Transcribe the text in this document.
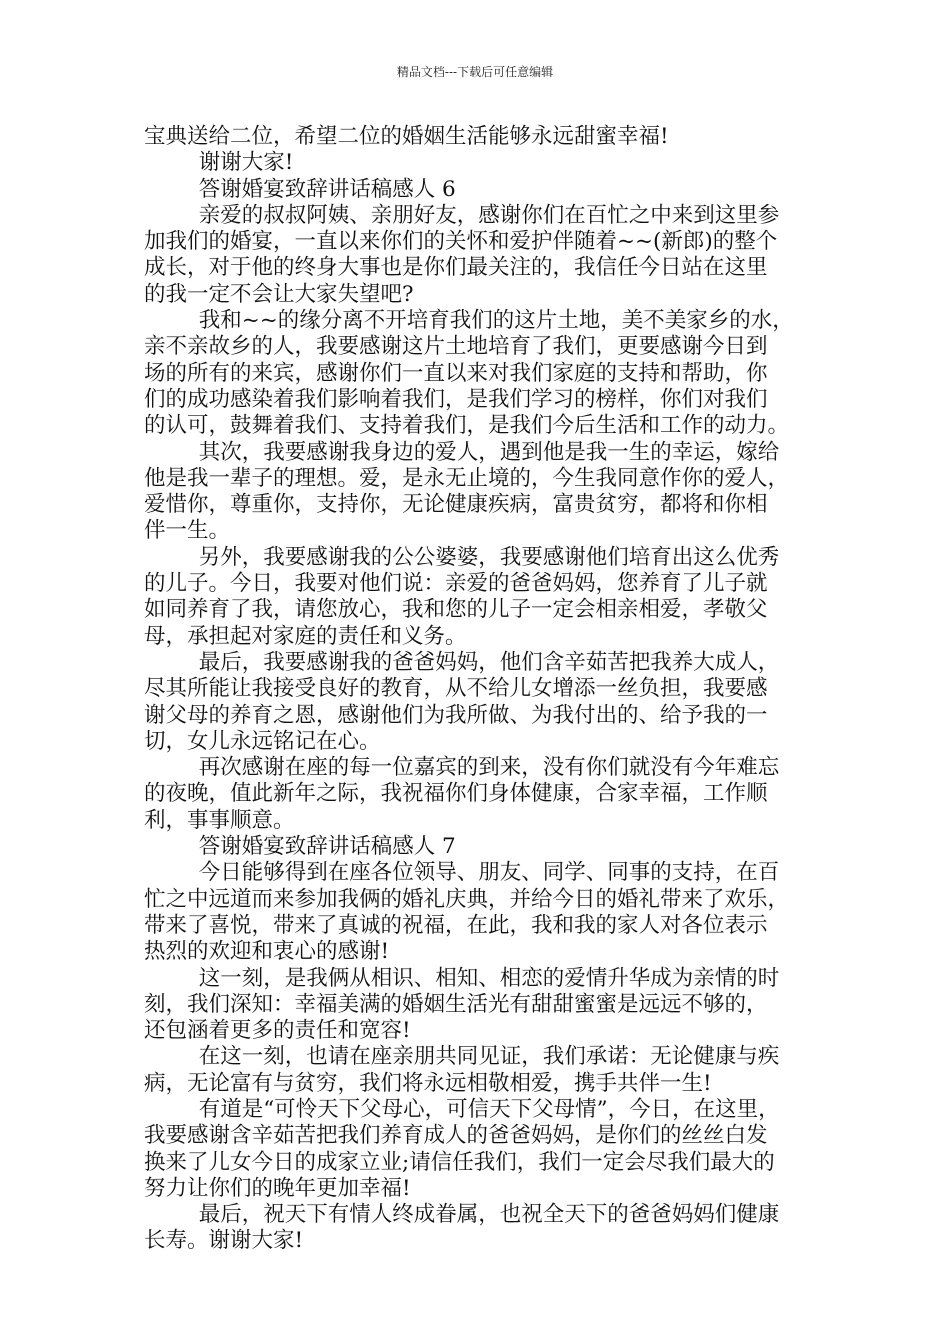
精品文档---下载后可任意编辑
宝典送给二位，希望二位的婚姻生活能够永远甜蜜幸福!
谢谢大家!
答谢婚宴致辞讲话稿感人 6
亲爱的叔叔阿姨、亲朋好友，感谢你们在百忙之中来到这里参
加我们的婚宴，一直以来你们的关怀和爱护伴随着~~(新郎)的整个
成长，对于他的终身大事也是你们最关注的，我信任今日站在这里
的我一定不会让大家失望吧?
我和~~的缘分离不开培育我们的这片土地，美不美家乡的水，
亲不亲故乡的人，我要感谢这片土地培育了我们，更要感谢今日到
场的所有的来宾，感谢你们一直以来对我们家庭的支持和帮助，你
们的成功感染着我们影响着我们，是我们学习的榜样，你们对我们
的认可，鼓舞着我们、支持着我们，是我们今后生活和工作的动力。
其次，我要感谢我身边的爱人，遇到他是我一生的幸运，嫁给
他是我一辈子的理想。爱，是永无止境的，今生我同意作你的爱人，
爱惜你，尊重你，支持你，无论健康疾病，富贵贫穷，都将和你相
伴一生。
另外，我要感谢我的公公婆婆，我要感谢他们培育出这么优秀
的儿子。今日，我要对他们说：亲爱的爸爸妈妈，您养育了儿子就
如同养育了我，请您放心，我和您的儿子一定会相亲相爱，孝敬父
母，承担起对家庭的责任和义务。
最后，我要感谢我的爸爸妈妈，他们含辛茹苦把我养大成人，
尽其所能让我接受良好的教育，从不给儿女增添一丝负担，我要感
谢父母的养育之恩，感谢他们为我所做、为我付出的、给予我的一
切，女儿永远铭记在心。
再次感谢在座的每一位嘉宾的到来，没有你们就没有今年难忘
的夜晚，值此新年之际，我祝福你们身体健康，合家幸福，工作顺
利，事事顺意。
答谢婚宴致辞讲话稿感人 7
今日能够得到在座各位领导、朋友、同学、同事的支持，在百
忙之中远道而来参加我俩的婚礼庆典，并给今日的婚礼带来了欢乐，
带来了喜悦，带来了真诚的祝福，在此，我和我的家人对各位表示
热烈的欢迎和衷心的感谢!
这一刻，是我俩从相识、相知、相恋的爱情升华成为亲情的时
刻，我们深知：幸福美满的婚姻生活光有甜甜蜜蜜是远远不够的，
还包涵着更多的责任和宽容!
在这一刻，也请在座亲朋共同见证，我们承诺：无论健康与疾
病，无论富有与贫穷，我们将永远相敬相爱，携手共伴一生!
有道是“可怜天下父母心，可信天下父母情”，今日，在这里，
我要感谢含辛茹苦把我们养育成人的爸爸妈妈，是你们的丝丝白发
换来了儿女今日的成家立业;请信任我们，我们一定会尽我们最大的
努力让你们的晚年更加幸福!
最后，祝天下有情人终成眷属，也祝全天下的爸爸妈妈们健康
长寿。谢谢大家!
